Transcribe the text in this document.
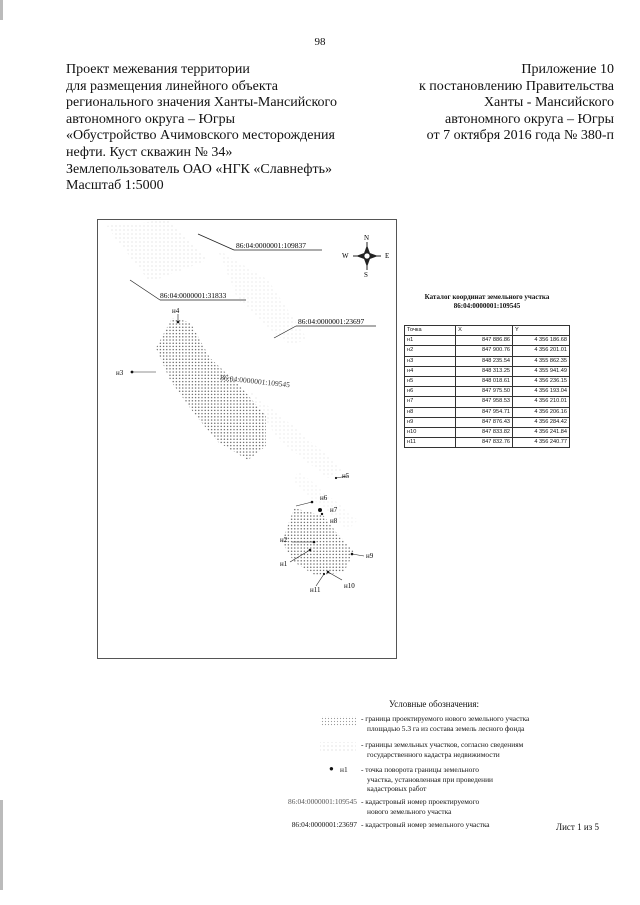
98
Проект межевания территории
для размещения линейного объекта
регионального значения Ханты-Мансийского
автономного округа – Югры
«Обустройство Ачимовского месторождения
нефти. Куст скважин № 34»
Землепользователь ОАО «НГК «Славнефть»
Масштаб 1:5000
Приложение 10
к постановлению Правительства
Ханты - Мансийского
автономного округа – Югры
от 7 октября 2016 года № 380-п
N
S
W	E
86:04:0000001:109837
86:04:0000001:31833
86:04:0000001:23697
86:04:0000001:109545
н4
н3
н5
н6
н7
н8
н2
н1
н9
н10
н11
Каталог координат земельного участка
86:04:0000001:109545
Точка	X	Y
н1	847 886.86	4 356 186.68
н2	847 900.76	4 356 201.01
н3	848 235.54	4 355 862.35
н4	848 313.25	4 355 941.49
н5	848 018.61	4 356 236.15
н6	847 975.50	4 356 193.04
н7	847 958.53	4 356 210.01
н8	847 954.71	4 356 206.16
н9	847 876.43	4 356 284.42
н10	847 833.82	4 356 241.84
н11	847 832.76	4 356 240.77
Условные обозначения:
- граница проектируемого нового земельного участка
площадью 5.3 га из состава земель лесного фонда
- границы земельных участков, согласно сведениям
государственного кадастра недвижимости
● н1 - точка поворота границы земельного
участка, установленная при проведении
кадастровых работ
86:04:0000001:109545 - кадастровый номер проектируемого
нового земельного участка
86:04:0000001:23697 - кадастровый номер земельного участка	Лист 1 из 5
